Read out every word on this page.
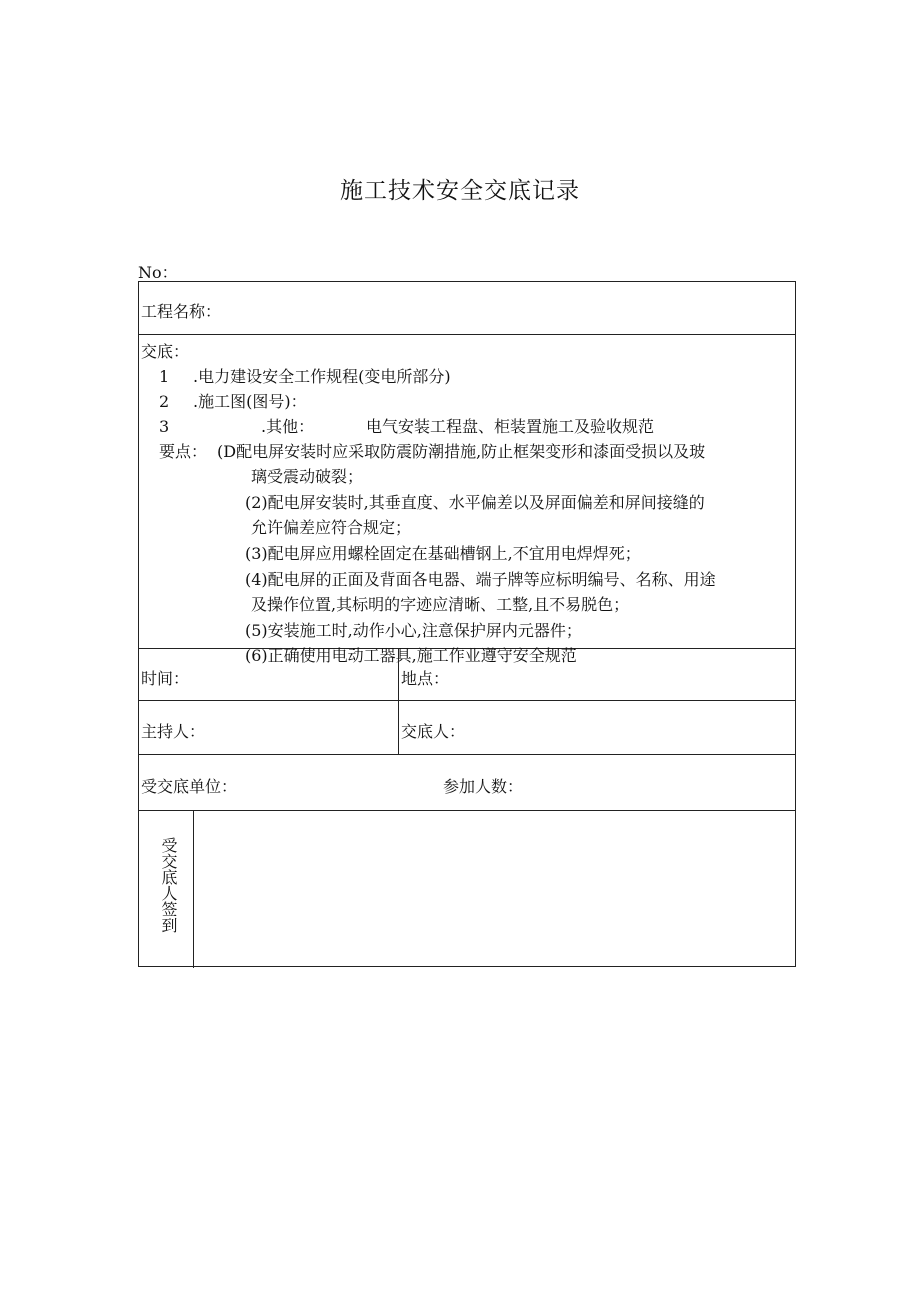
施工技术安全交底记录
No：
工程名称：
交底：
1 .电力建设安全工作规程(变电所部分)
2 .施工图(图号)：
3	.其他：	电气安装工程盘、柜装置施工及验收规范
要点： (D配电屏安装时应采取防震防潮措施,防止框架变形和漆面受损以及玻
璃受震动破裂；
(2)配电屏安装时,其垂直度、水平偏差以及屏面偏差和屏间接缝的
允许偏差应符合规定；
(3)配电屏应用螺栓固定在基础槽钢上,不宜用电焊焊死；
(4)配电屏的正面及背面各电器、端子牌等应标明编号、名称、用途
及操作位置,其标明的字迹应清晰、工整,且不易脱色；
(5)安装施工时,动作小心,注意保护屏内元器件；
(6)正确使用电动工器具,施工作业遵守安全规范
时间：	地点：
主持人：	交底人：
受交底单位：	参加人数：
受交底人签到
